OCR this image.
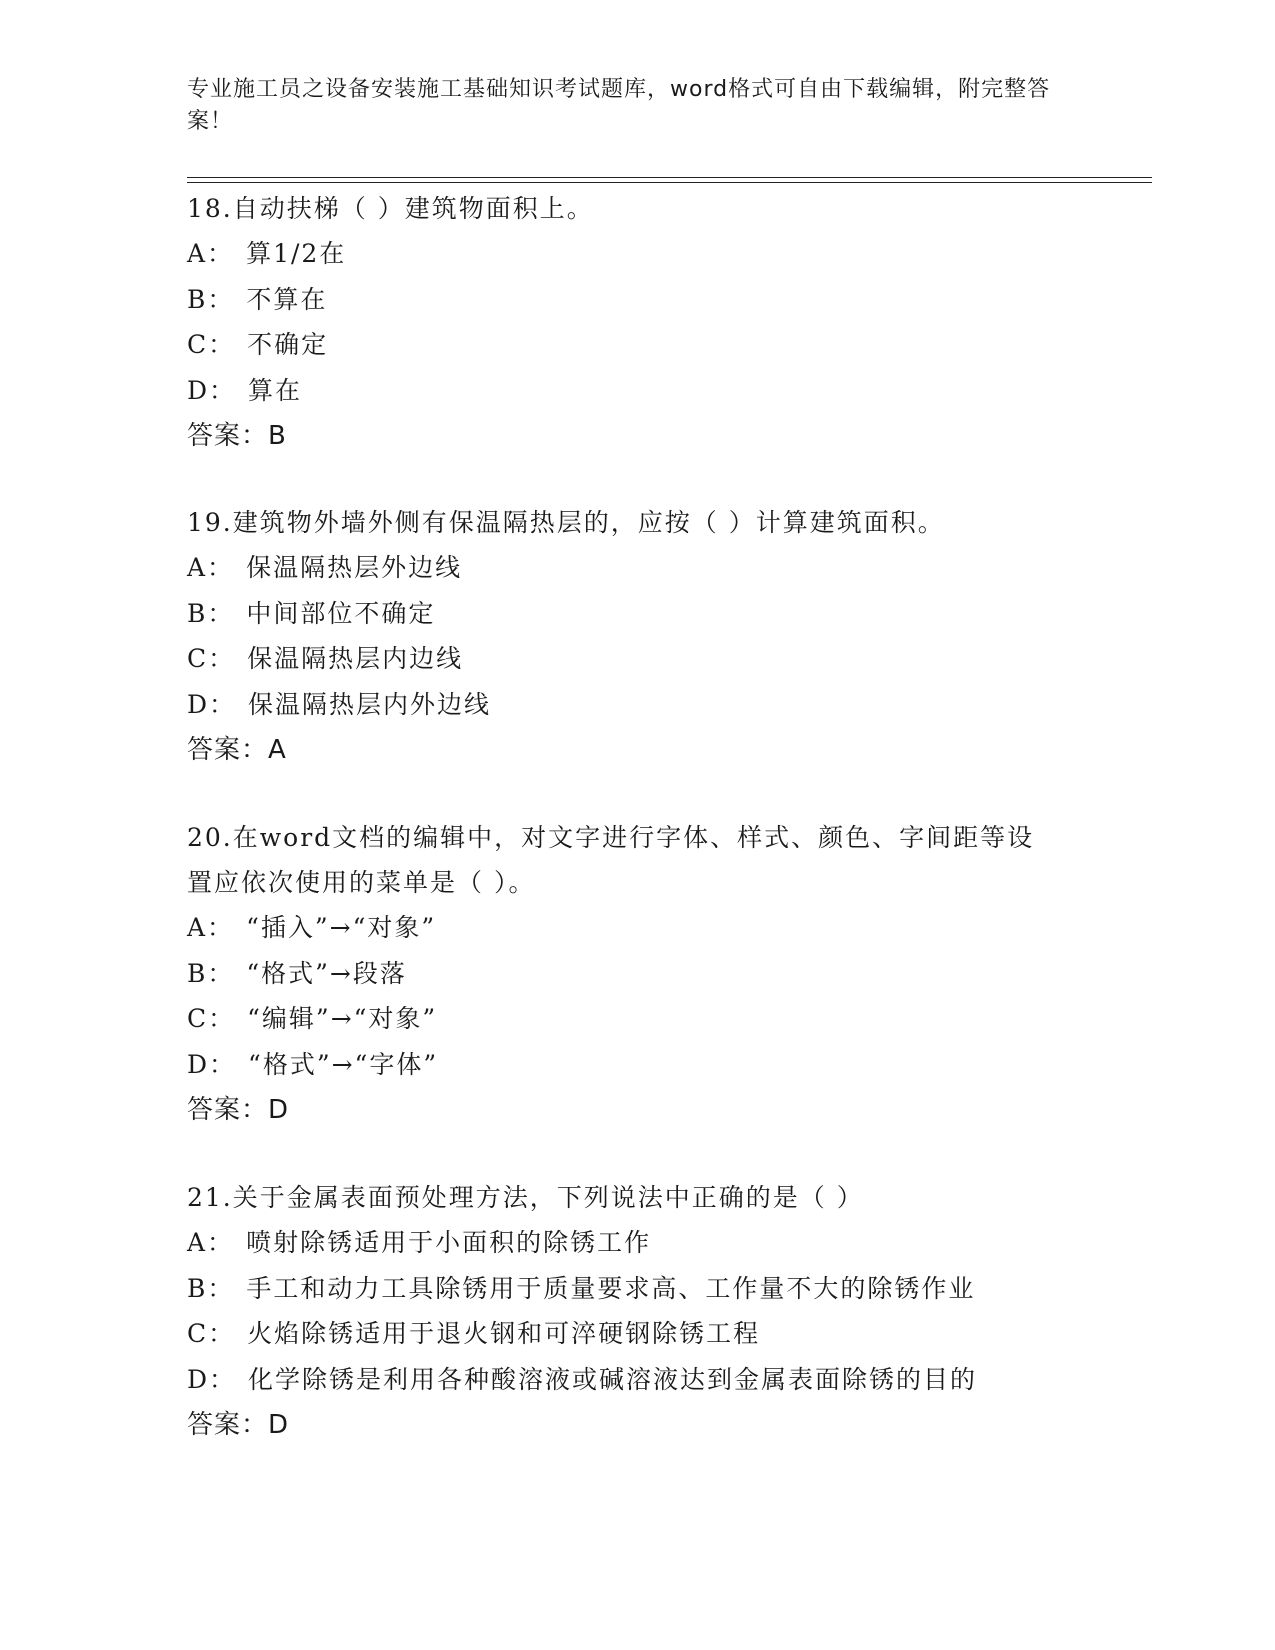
专业施工员之设备安装施工基础知识考试题库，word格式可自由下载编辑，附完整答案！
18.自动扶梯（ ）建筑物面积上。
A： 算1/2在
B： 不算在
C： 不确定
D： 算在
答案：B
19.建筑物外墙外侧有保温隔热层的，应按（ ）计算建筑面积。
A： 保温隔热层外边线
B： 中间部位不确定
C： 保温隔热层内边线
D： 保温隔热层内外边线
答案：A
20.在word文档的编辑中，对文字进行字体、样式、颜色、字间距等设置应依次使用的菜单是（ ）。
A： “插入”→“对象”
B： “格式”→段落
C： “编辑”→“对象”
D： “格式”→“字体”
答案：D
21.关于金属表面预处理方法，下列说法中正确的是（ ）
A： 喷射除锈适用于小面积的除锈工作
B： 手工和动力工具除锈用于质量要求高、工作量不大的除锈作业
C： 火焰除锈适用于退火钢和可淬硬钢除锈工程
D： 化学除锈是利用各种酸溶液或碱溶液达到金属表面除锈的目的
答案：D
